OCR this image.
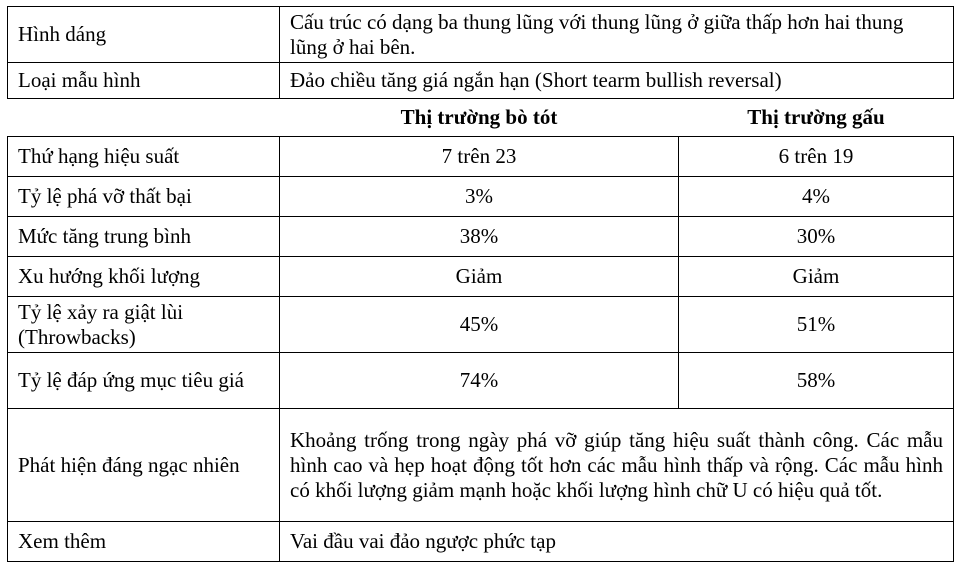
Hình dáng	Cấu trúc có dạng ba thung lũng với thung lũng ở giữa thấp hơn hai thung lũng ở hai bên.	
Loại mẫu hình	Đảo chiều tăng giá ngắn hạn (Short tearm bullish reversal)	
	Thị trường bò tót	Thị trường gấu
Thứ hạng hiệu suất	7 trên 23	6 trên 19
Tỷ lệ phá vỡ thất bại	3%	4%
Mức tăng trung bình	38%	30%
Xu hướng khối lượng	Giảm	Giảm
Tỷ lệ xảy ra giật lùi (Throwbacks)	45%	51%
Tỷ lệ đáp ứng mục tiêu giá	74%	58%
Phát hiện đáng ngạc nhiên	Khoảng trống trong ngày phá vỡ giúp tăng hiệu suất thành công. Các mẫu hình cao và hẹp hoạt động tốt hơn các mẫu hình thấp và rộng. Các mẫu hình có khối lượng giảm mạnh hoặc khối lượng hình chữ U có hiệu quả tốt.	
Xem thêm	Vai đầu vai đảo ngược phức tạp	
